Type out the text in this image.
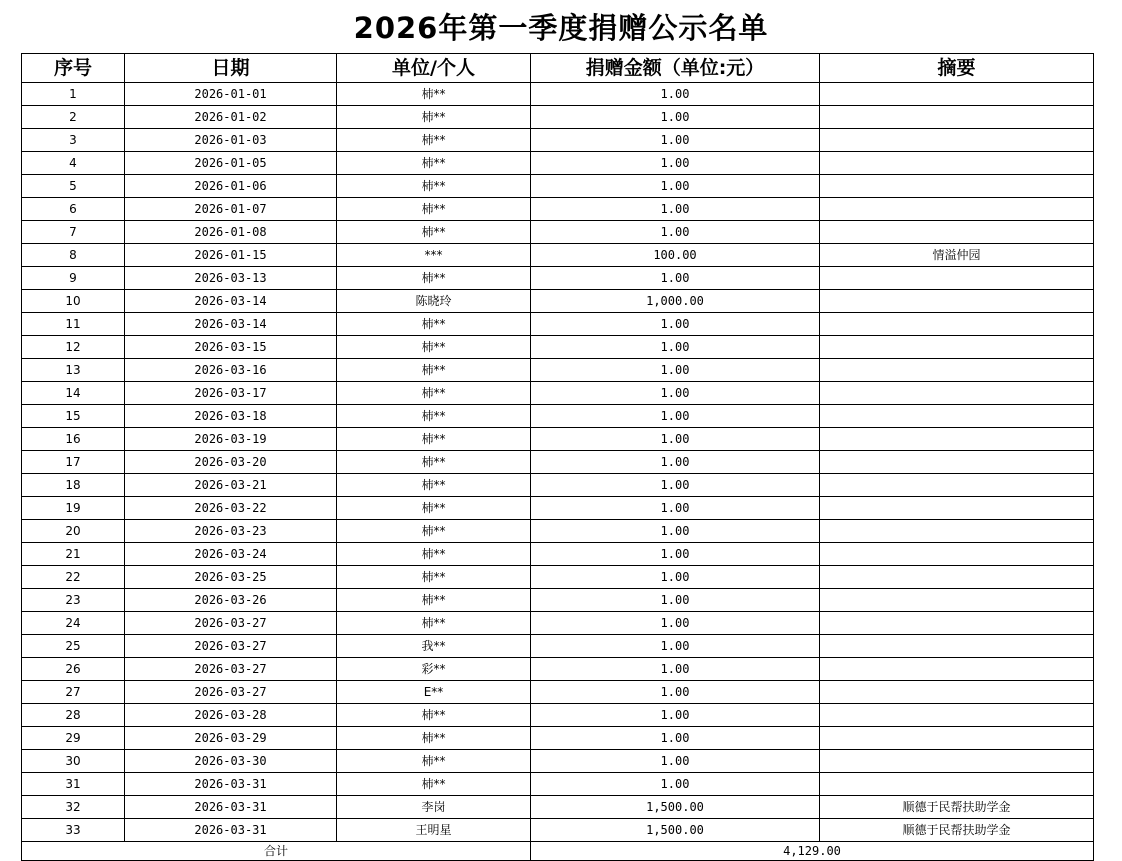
2026年第一季度捐赠公示名单
序号	日期	单位/个人	捐赠金额（单位:元）	摘要
1	2026-01-01	杮**	1.00	
2	2026-01-02	杮**	1.00	
3	2026-01-03	杮**	1.00	
4	2026-01-05	杮**	1.00	
5	2026-01-06	杮**	1.00	
6	2026-01-07	杮**	1.00	
7	2026-01-08	杮**	1.00	
8	2026-01-15	***	100.00	情溢仲园
9	2026-03-13	杮**	1.00	
10	2026-03-14	陈晓玲	1,000.00	
11	2026-03-14	杮**	1.00	
12	2026-03-15	杮**	1.00	
13	2026-03-16	杮**	1.00	
14	2026-03-17	杮**	1.00	
15	2026-03-18	杮**	1.00	
16	2026-03-19	杮**	1.00	
17	2026-03-20	杮**	1.00	
18	2026-03-21	杮**	1.00	
19	2026-03-22	杮**	1.00	
20	2026-03-23	杮**	1.00	
21	2026-03-24	杮**	1.00	
22	2026-03-25	杮**	1.00	
23	2026-03-26	杮**	1.00	
24	2026-03-27	杮**	1.00	
25	2026-03-27	我**	1.00	
26	2026-03-27	彩**	1.00	
27	2026-03-27	E**	1.00	
28	2026-03-28	杮**	1.00	
29	2026-03-29	杮**	1.00	
30	2026-03-30	杮**	1.00	
31	2026-03-31	杮**	1.00	
32	2026-03-31	李岗	1,500.00	顺德于民帮扶助学金
33	2026-03-31	王明星	1,500.00	顺德于民帮扶助学金
合计			4,129.00	
